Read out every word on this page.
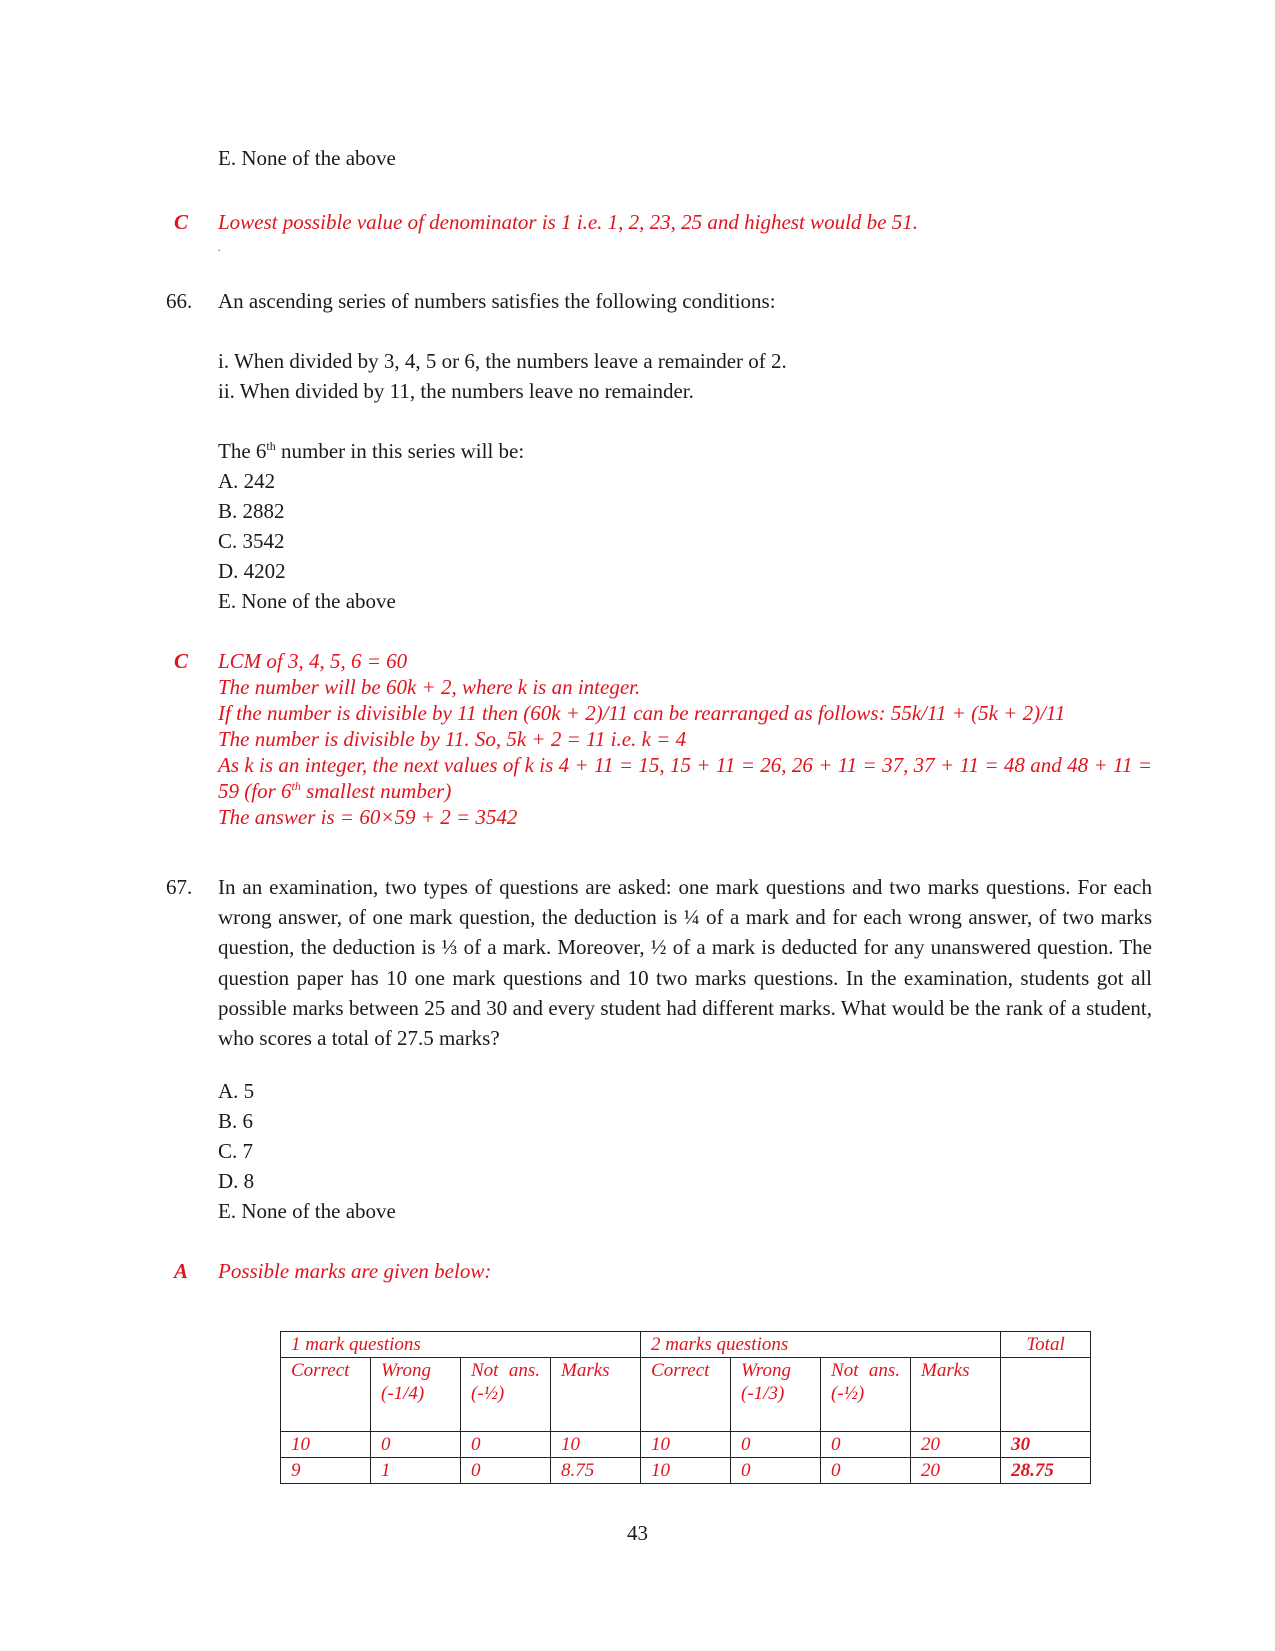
E. None of the above
C Lowest possible value of denominator is 1 i.e. 1, 2, 23, 25 and highest would be 51.
.
66. An ascending series of numbers satisfies the following conditions:
i. When divided by 3, 4, 5 or 6, the numbers leave a remainder of 2.
ii. When divided by 11, the numbers leave no remainder.
The 6th number in this series will be:
A. 242
B. 2882
C. 3542
D. 4202
E. None of the above
C LCM of 3, 4, 5, 6 = 60
The number will be 60k + 2, where k is an integer.
If the number is divisible by 11 then (60k + 2)/11 can be rearranged as follows: 55k/11 + (5k + 2)/11
The number is divisible by 11. So, 5k + 2 = 11 i.e. k = 4
As k is an integer, the next values of k is 4 + 11 = 15, 15 + 11 = 26, 26 + 11 = 37, 37 + 11 = 48 and 48 + 11 = 59 (for 6th smallest number)
The answer is = 60×59 + 2 = 3542
67. In an examination, two types of questions are asked: one mark questions and two marks questions. For each wrong answer, of one mark question, the deduction is ¼ of a mark and for each wrong answer, of two marks question, the deduction is ⅓ of a mark. Moreover, ½ of a mark is deducted for any unanswered question. The question paper has 10 one mark questions and 10 two marks questions. In the examination, students got all possible marks between 25 and 30 and every student had different marks. What would be the rank of a student, who scores a total of 27.5 marks?
A. 5
B. 6
C. 7
D. 8
E. None of the above
A Possible marks are given below:
1 mark questions				2 marks questions				Total
Correct	Wrong (-1/4)	Not ans. (-½)	Marks	Correct	Wrong (-1/3)	Not ans. (-½)	Marks	
10	0	0	10	10	0	0	20	30
9	1	0	8.75	10	0	0	20	28.75
43
